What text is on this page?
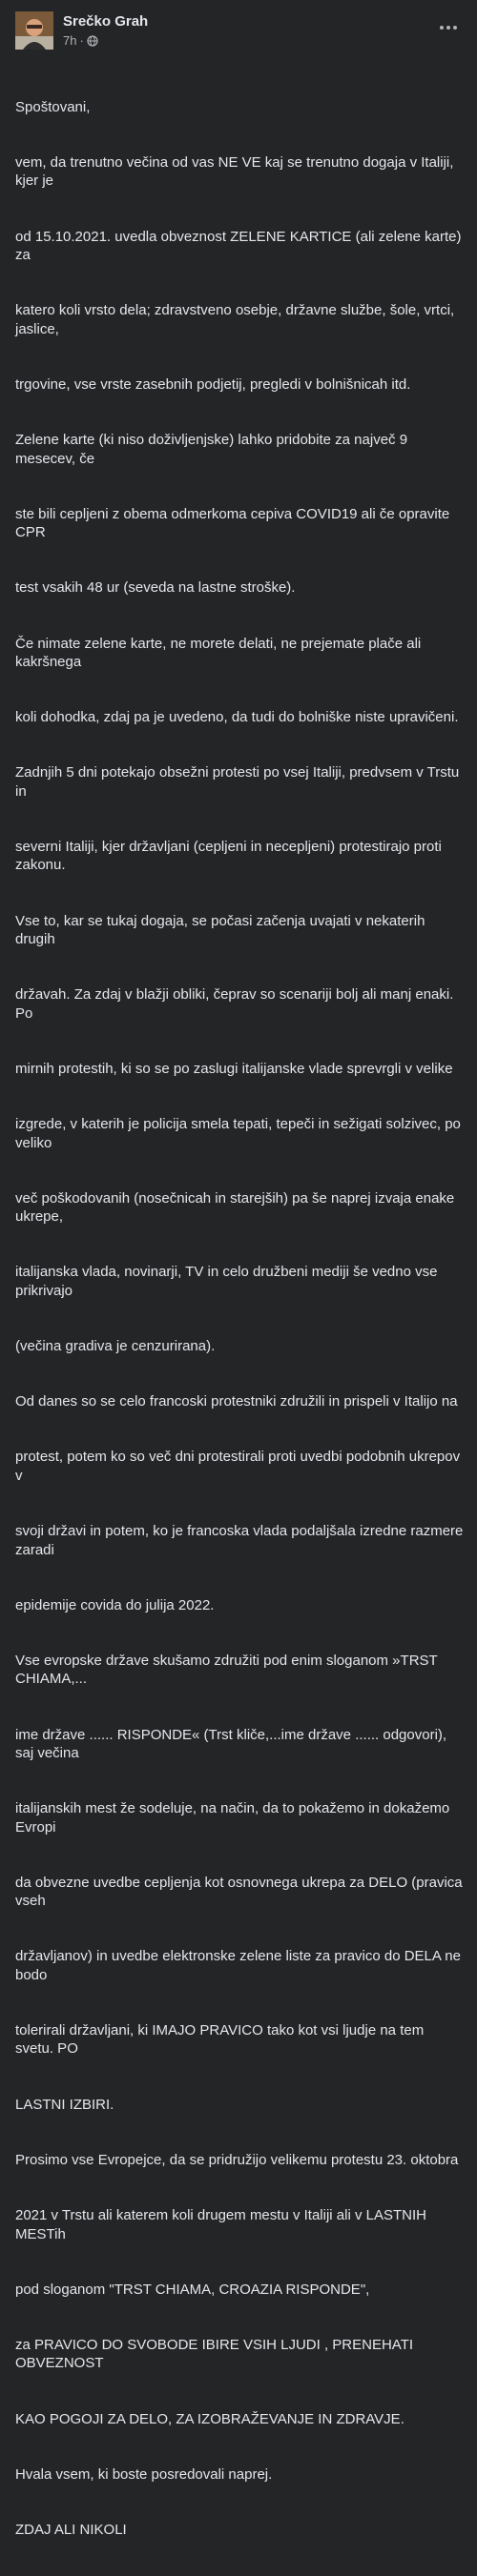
Srečko Grah
7h ·

Spoštovani,

vem, da trenutno večina od vas NE VE kaj se trenutno dogaja v Italiji, kjer je

od 15.10.2021. uvedla obveznost ZELENE KARTICE (ali zelene karte) za

katero koli vrsto dela; zdravstveno osebje, državne službe, šole, vrtci, jaslice,

trgovine, vse vrste zasebnih podjetij, pregledi v bolnišnicah itd.

Zelene karte (ki niso doživljenjske) lahko pridobite za največ 9 mesecev, če

ste bili cepljeni z obema odmerkoma cepiva COVID19 ali če opravite CPR

test vsakih 48 ur (seveda na lastne stroške).

Če nimate zelene karte, ne morete delati, ne prejemate plače ali kakršnega

koli dohodka, zdaj pa je uvedeno, da tudi do bolniške niste upravičeni.

Zadnjih 5 dni potekajo obsežni protesti po vsej Italiji, predvsem v Trstu in

severni Italiji, kjer državljani (cepljeni in necepljeni) protestirajo proti zakonu.

Vse to, kar se tukaj dogaja, se počasi začenja uvajati v nekaterih drugih

državah. Za zdaj v blažji obliki, čeprav so scenariji bolj ali manj enaki. Po

mirnih protestih, ki so se po zaslugi italijanske vlade sprevrgli v velike

izgrede, v katerih je policija smela tepati, tepeči in sežigati solzivec, po veliko

več poškodovanih (nosečnicah in starejših) pa še naprej izvaja enake ukrepe,

italijanska vlada, novinarji, TV in celo družbeni mediji še vedno vse prikrivajo

(večina gradiva je cenzurirana).

Od danes so se celo francoski protestniki združili in prispeli v Italijo na

protest, potem ko so več dni protestirali proti uvedbi podobnih ukrepov v

svoji državi in potem, ko je francoska vlada podaljšala izredne razmere zaradi

epidemije covida do julija 2022.

Vse evropske države skušamo združiti pod enim sloganom »TRST CHIAMA,...

ime države ...... RISPONDE« (Trst kliče,...ime države ...... odgovori), saj večina

italijanskih mest že sodeluje, na način, da to pokažemo in dokažemo Evropi

da obvezne uvedbe cepljenja kot osnovnega ukrepa za DELO (pravica vseh

državljanov) in uvedbe elektronske zelene liste za pravico do DELA ne bodo

tolerirali državljani, ki IMAJO PRAVICO tako kot vsi ljudje na tem svetu. PO

LASTNI IZBIRI.

Prosimo vse Evropejce, da se pridružijo velikemu protestu 23. oktobra

2021 v Trstu ali katerem koli drugem mestu v Italiji ali v LASTNIH MESTih

pod sloganom "TRST CHIAMA, CROAZIA RISPONDE",

za PRAVICO DO SVOBODE IBIRE VSIH LJUDI , PRENEHATI OBVEZNOST

KAO POGOJI ZA DELO, ZA IZOBRAŽEVANJE IN ZDRAVJE.

Hvala vsem, ki boste posredovali naprej.

ZDAJ ALI NIKOLI
